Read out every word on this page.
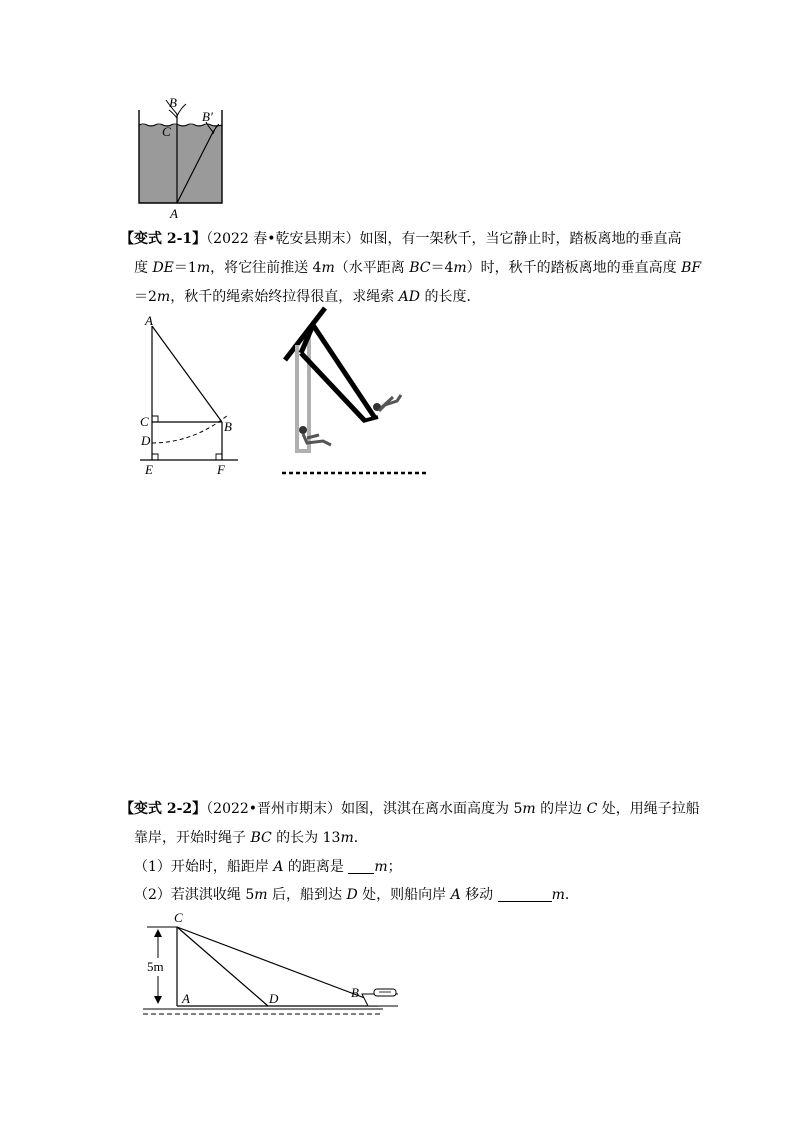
B
C
B′
A

【变式 2-1】（2022 春•乾安县期末）如图，有一架秋千，当它静止时，踏板离地的垂直高

度 DE＝1m，将它往前推送 4m（水平距离 BC＝4m）时，秋千的踏板离地的垂直高度 BF

＝2m，秋千的绳索始终拉得很直，求绳索 AD 的长度．

A
C	B
D
E	F

【变式 2-2】（2022•晋州市期末）如图，淇淇在离水面高度为 5m 的岸边 C 处，用绳子拉船

靠岸，开始时绳子 BC 的长为 13m．

（1）开始时，船距岸 A 的距离是 m；

（2）若淇淇收绳 5m 后，船到达 D 处，则船向岸 A 移动	m．

5m
C
A	D	B
